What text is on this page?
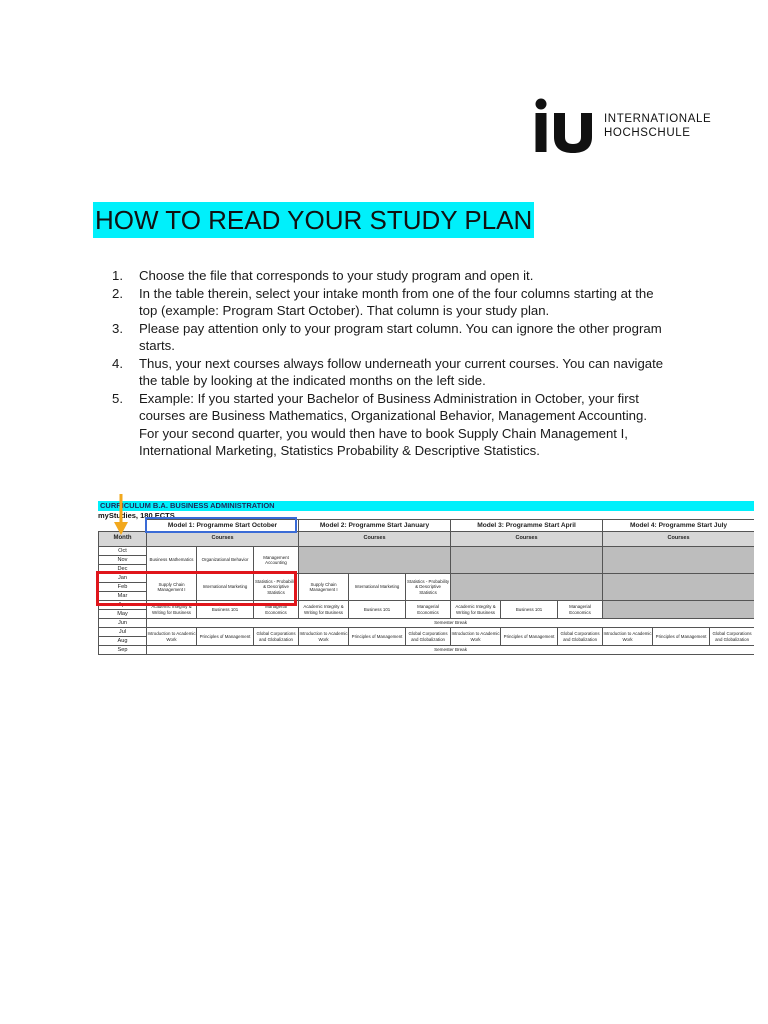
INTERNATIONALE
HOCHSCHULE
HOW TO READ YOUR STUDY PLAN
1. Choose the file that corresponds to your study program and open it.
2. In the table therein, select your intake month from one of the four columns starting at the top (example: Program Start October). That column is your study plan.
3. Please pay attention only to your program start column. You can ignore the other program starts.
4. Thus, your next courses always follow underneath your current courses. You can navigate the table by looking at the indicated months on the left side.
5. Example: If you started your Bachelor of Business Administration in October, your first courses are Business Mathematics, Organizational Behavior, Management Accounting. For your second quarter, you would then have to book Supply Chain Management I, International Marketing, Statistics Probability & Descriptive Statistics.
CURRICULUM B.A. BUSINESS ADMINISTRATION
myStudies, 180 ECTS
	Model 1: Programme Start October			Model 2: Programme Start January			Model 3: Programme Start April			Model 4: Programme Start July		
Month	Courses			Courses			Courses			Courses		
Oct	Business Mathematics	Organizational Behavior	Management Accounting									
Nov												
Dec												
Jan	Supply Chain Management I	International Marketing	Statistics - Probability & Descriptive Statistics	Supply Chain Management I	International Marketing	Statistics - Probability & Descriptive Statistics						
Feb												
Mar												
Apr	Academic Integrity & Writing for Business	Business 101	Managerial Economics	Academic Integrity & Writing for Business	Business 101	Managerial Economics	Academic Integrity & Writing for Business	Business 101	Managerial Economics			
May												
Jun	Semester Break											
Jul	Introduction to Academic Work	Principles of Management	Global Corporations and Globalization	Introduction to Academic Work	Principles of Management	Global Corporations and Globalization	Introduction to Academic Work	Principles of Management	Global Corporations and Globalization	Introduction to Academic Work	Principles of Management	Global Corporations and Globalization
Aug												
Sep	Semester Break											
